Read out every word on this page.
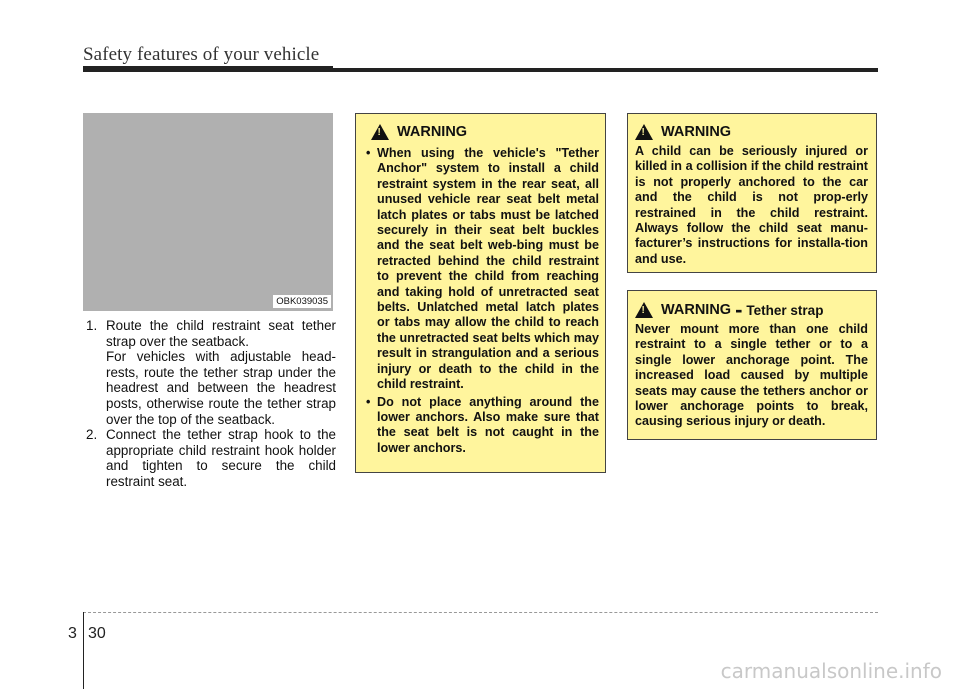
Safety features of your vehicle
OBK039035
1. Route the child restraint seat tether strap over the seatback.
For vehicles with adjustable head-rests, route the tether strap under the headrest and between the headrest posts, otherwise route the tether strap over the top of the seatback.
2. Connect the tether strap hook to the appropriate child restraint hook holder and tighten to secure the child restraint seat.
!
WARNING
• When using the vehicle's "Tether Anchor" system to install a child restraint system in the rear seat, all unused vehicle rear seat belt metal latch plates or tabs must be latched securely in their seat belt buckles and the seat belt web-bing must be retracted behind the child restraint to prevent the child from reaching and taking hold of unretracted seat belts. Unlatched metal latch plates or tabs may allow the child to reach the unretracted seat belts which may result in strangulation and a serious injury or death to the child in the child restraint.
• Do not place anything around the lower anchors. Also make sure that the seat belt is not caught in the lower anchors.
!
WARNING
A child can be seriously injured or killed in a collision if the child restraint is not properly anchored to the car and the child is not prop-erly restrained in the child restraint. Always follow the child seat manu-facturer’s instructions for installa-tion and use.
!
WARNING - Tether strap
Never mount more than one child restraint to a single tether or to a single lower anchorage point. The increased load caused by multiple seats may cause the tethers anchor or lower anchorage points to break, causing serious injury or death.
3 30
carmanualsonline.info
